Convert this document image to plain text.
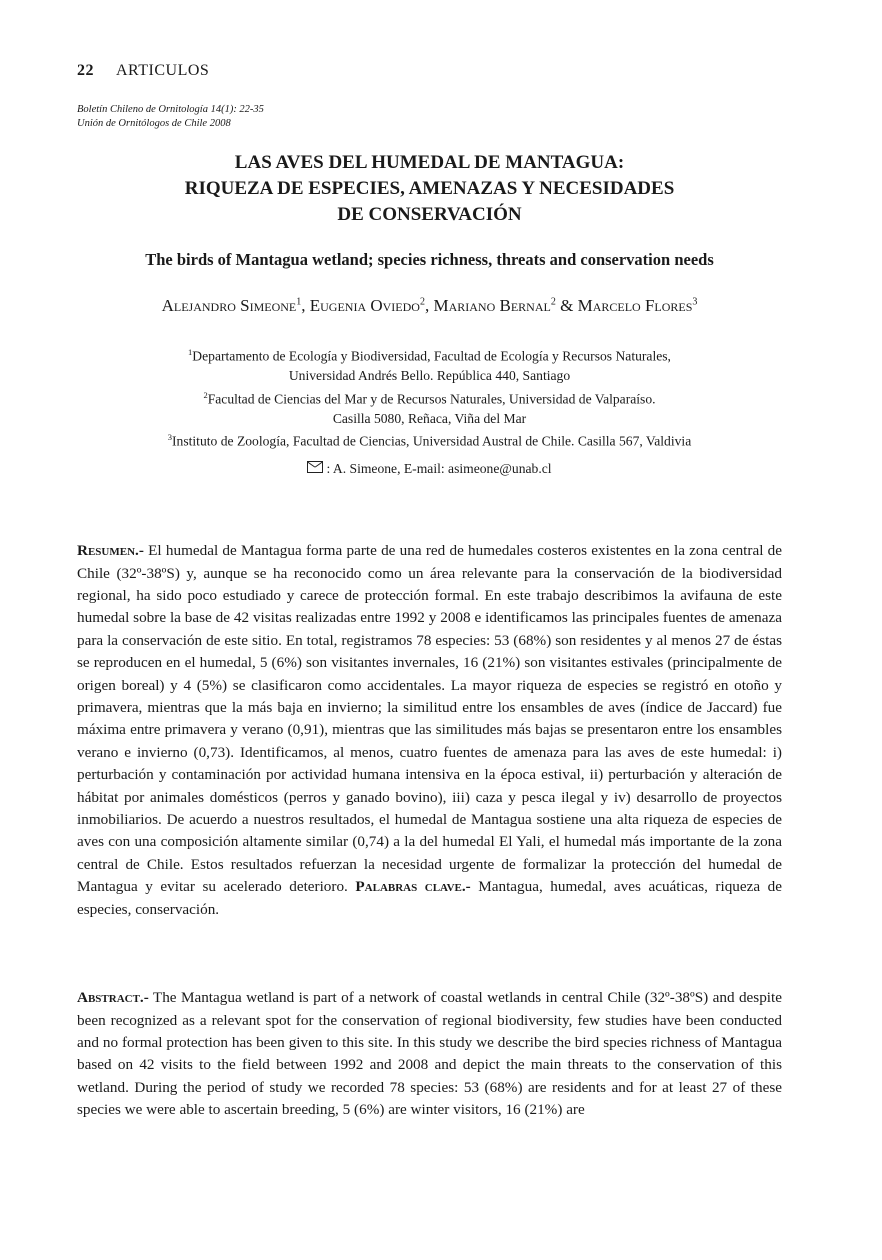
22 ARTICULOS
Boletín Chileno de Ornitología 14(1): 22-35
Unión de Ornitólogos de Chile 2008
LAS AVES DEL HUMEDAL DE MANTAGUA:
RIQUEZA DE ESPECIES, AMENAZAS Y NECESIDADES
DE CONSERVACIÓN
The birds of Mantagua wetland; species richness, threats and conservation needs
Alejandro Simeone$^1$, Eugenia Oviedo$^2$, Mariano Bernal$^2$ & Marcelo Flores$^3$
$^1$Departamento de Ecología y Biodiversidad, Facultad de Ecología y Recursos Naturales,
Universidad Andrés Bello. República 440, Santiago
$^2$Facultad de Ciencias del Mar y de Recursos Naturales, Universidad de Valparaíso.
Casilla 5080, Reñaca, Viña del Mar
$^3$Instituto de Zoología, Facultad de Ciencias, Universidad Austral de Chile. Casilla 567, Valdivia
: A. Simeone, E-mail: asimeone@unab.cl

Resumen.- El humedal de Mantagua forma parte de una red de humedales costeros existentes en la zona central de Chile (32º-38ºS) y, aunque se ha reconocido como un área relevante para la conservación de la biodiversidad regional, ha sido poco estudiado y carece de protección formal. En este trabajo describimos la avifauna de este humedal sobre la base de 42 visitas realizadas entre 1992 y 2008 e identificamos las principales fuentes de amenaza para la conservación de este sitio. En total, registramos 78 especies: 53 (68%) son residentes y al menos 27 de éstas se reproducen en el humedal, 5 (6%) son visitantes invernales, 16 (21%) son visitantes estivales (principalmente de origen boreal) y 4 (5%) se clasificaron como accidentales. La mayor riqueza de especies se registró en otoño y primavera, mientras que la más baja en invierno; la similitud entre los ensambles de aves (índice de Jaccard) fue máxima entre primavera y verano (0,91), mientras que las similitudes más bajas se presentaron entre los ensambles verano e invierno (0,73). Identificamos, al menos, cuatro fuentes de amenaza para las aves de este humedal: i) perturbación y contaminación por actividad humana intensiva en la época estival, ii) perturbación y alteración de hábitat por animales domésticos (perros y ganado bovino), iii) caza y pesca ilegal y iv) desarrollo de proyectos inmobiliarios. De acuerdo a nuestros resultados, el humedal de Mantagua sostiene una alta riqueza de especies de aves con una composición altamente similar (0,74) a la del humedal El Yali, el humedal más importante de la zona central de Chile. Estos resultados refuerzan la necesidad urgente de formalizar la protección del humedal de Mantagua y evitar su acelerado deterioro. Palabras clave.- Mantagua, humedal, aves acuáticas, riqueza de especies, conservación.

Abstract.- The Mantagua wetland is part of a network of coastal wetlands in central Chile (32º-38ºS) and despite been recognized as a relevant spot for the conservation of regional biodiversity, few studies have been conducted and no formal protection has been given to this site. In this study we describe the bird species richness of Mantagua based on 42 visits to the field between 1992 and 2008 and depict the main threats to the conservation of this wetland. During the period of study we recorded 78 species: 53 (68%) are residents and for at least 27 of these species we were able to ascertain breeding, 5 (6%) are winter visitors, 16 (21%) are
